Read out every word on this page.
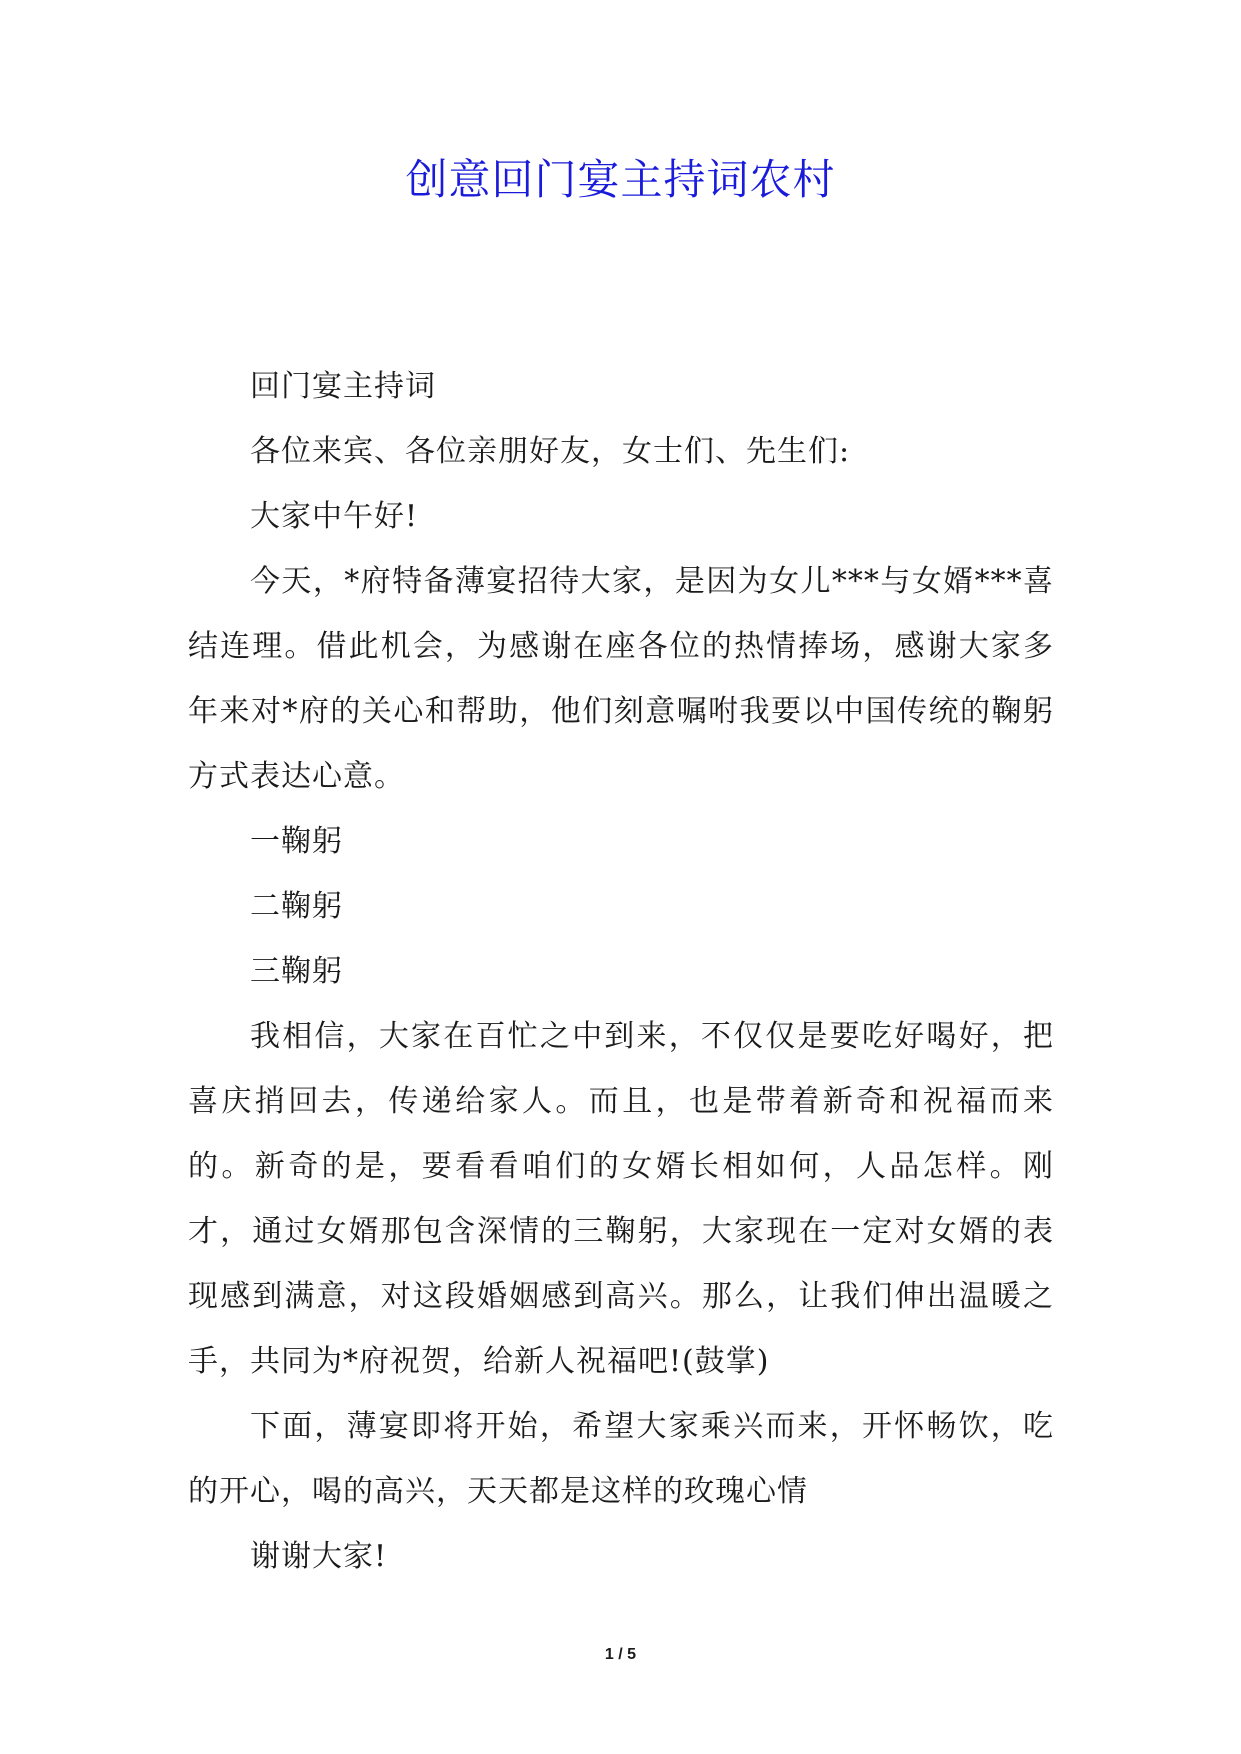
创意回门宴主持词农村

回门宴主持词

各位来宾、各位亲朋好友，女士们、先生们:

大家中午好!

今天，*府特备薄宴招待大家，是因为女儿***与女婿***喜结连理。借此机会，为感谢在座各位的热情捧场，感谢大家多年来对*府的关心和帮助，他们刻意嘱咐我要以中国传统的鞠躬方式表达心意。

一鞠躬

二鞠躬

三鞠躬

我相信，大家在百忙之中到来，不仅仅是要吃好喝好，把喜庆捎回去，传递给家人。而且，也是带着新奇和祝福而来的。新奇的是，要看看咱们的女婿长相如何，人品怎样。刚才，通过女婿那包含深情的三鞠躬，大家现在一定对女婿的表现感到满意，对这段婚姻感到高兴。那么，让我们伸出温暖之手，共同为*府祝贺，给新人祝福吧!(鼓掌)

下面，薄宴即将开始，希望大家乘兴而来，开怀畅饮，吃的开心，喝的高兴，天天都是这样的玫瑰心情

谢谢大家!

1 / 5
